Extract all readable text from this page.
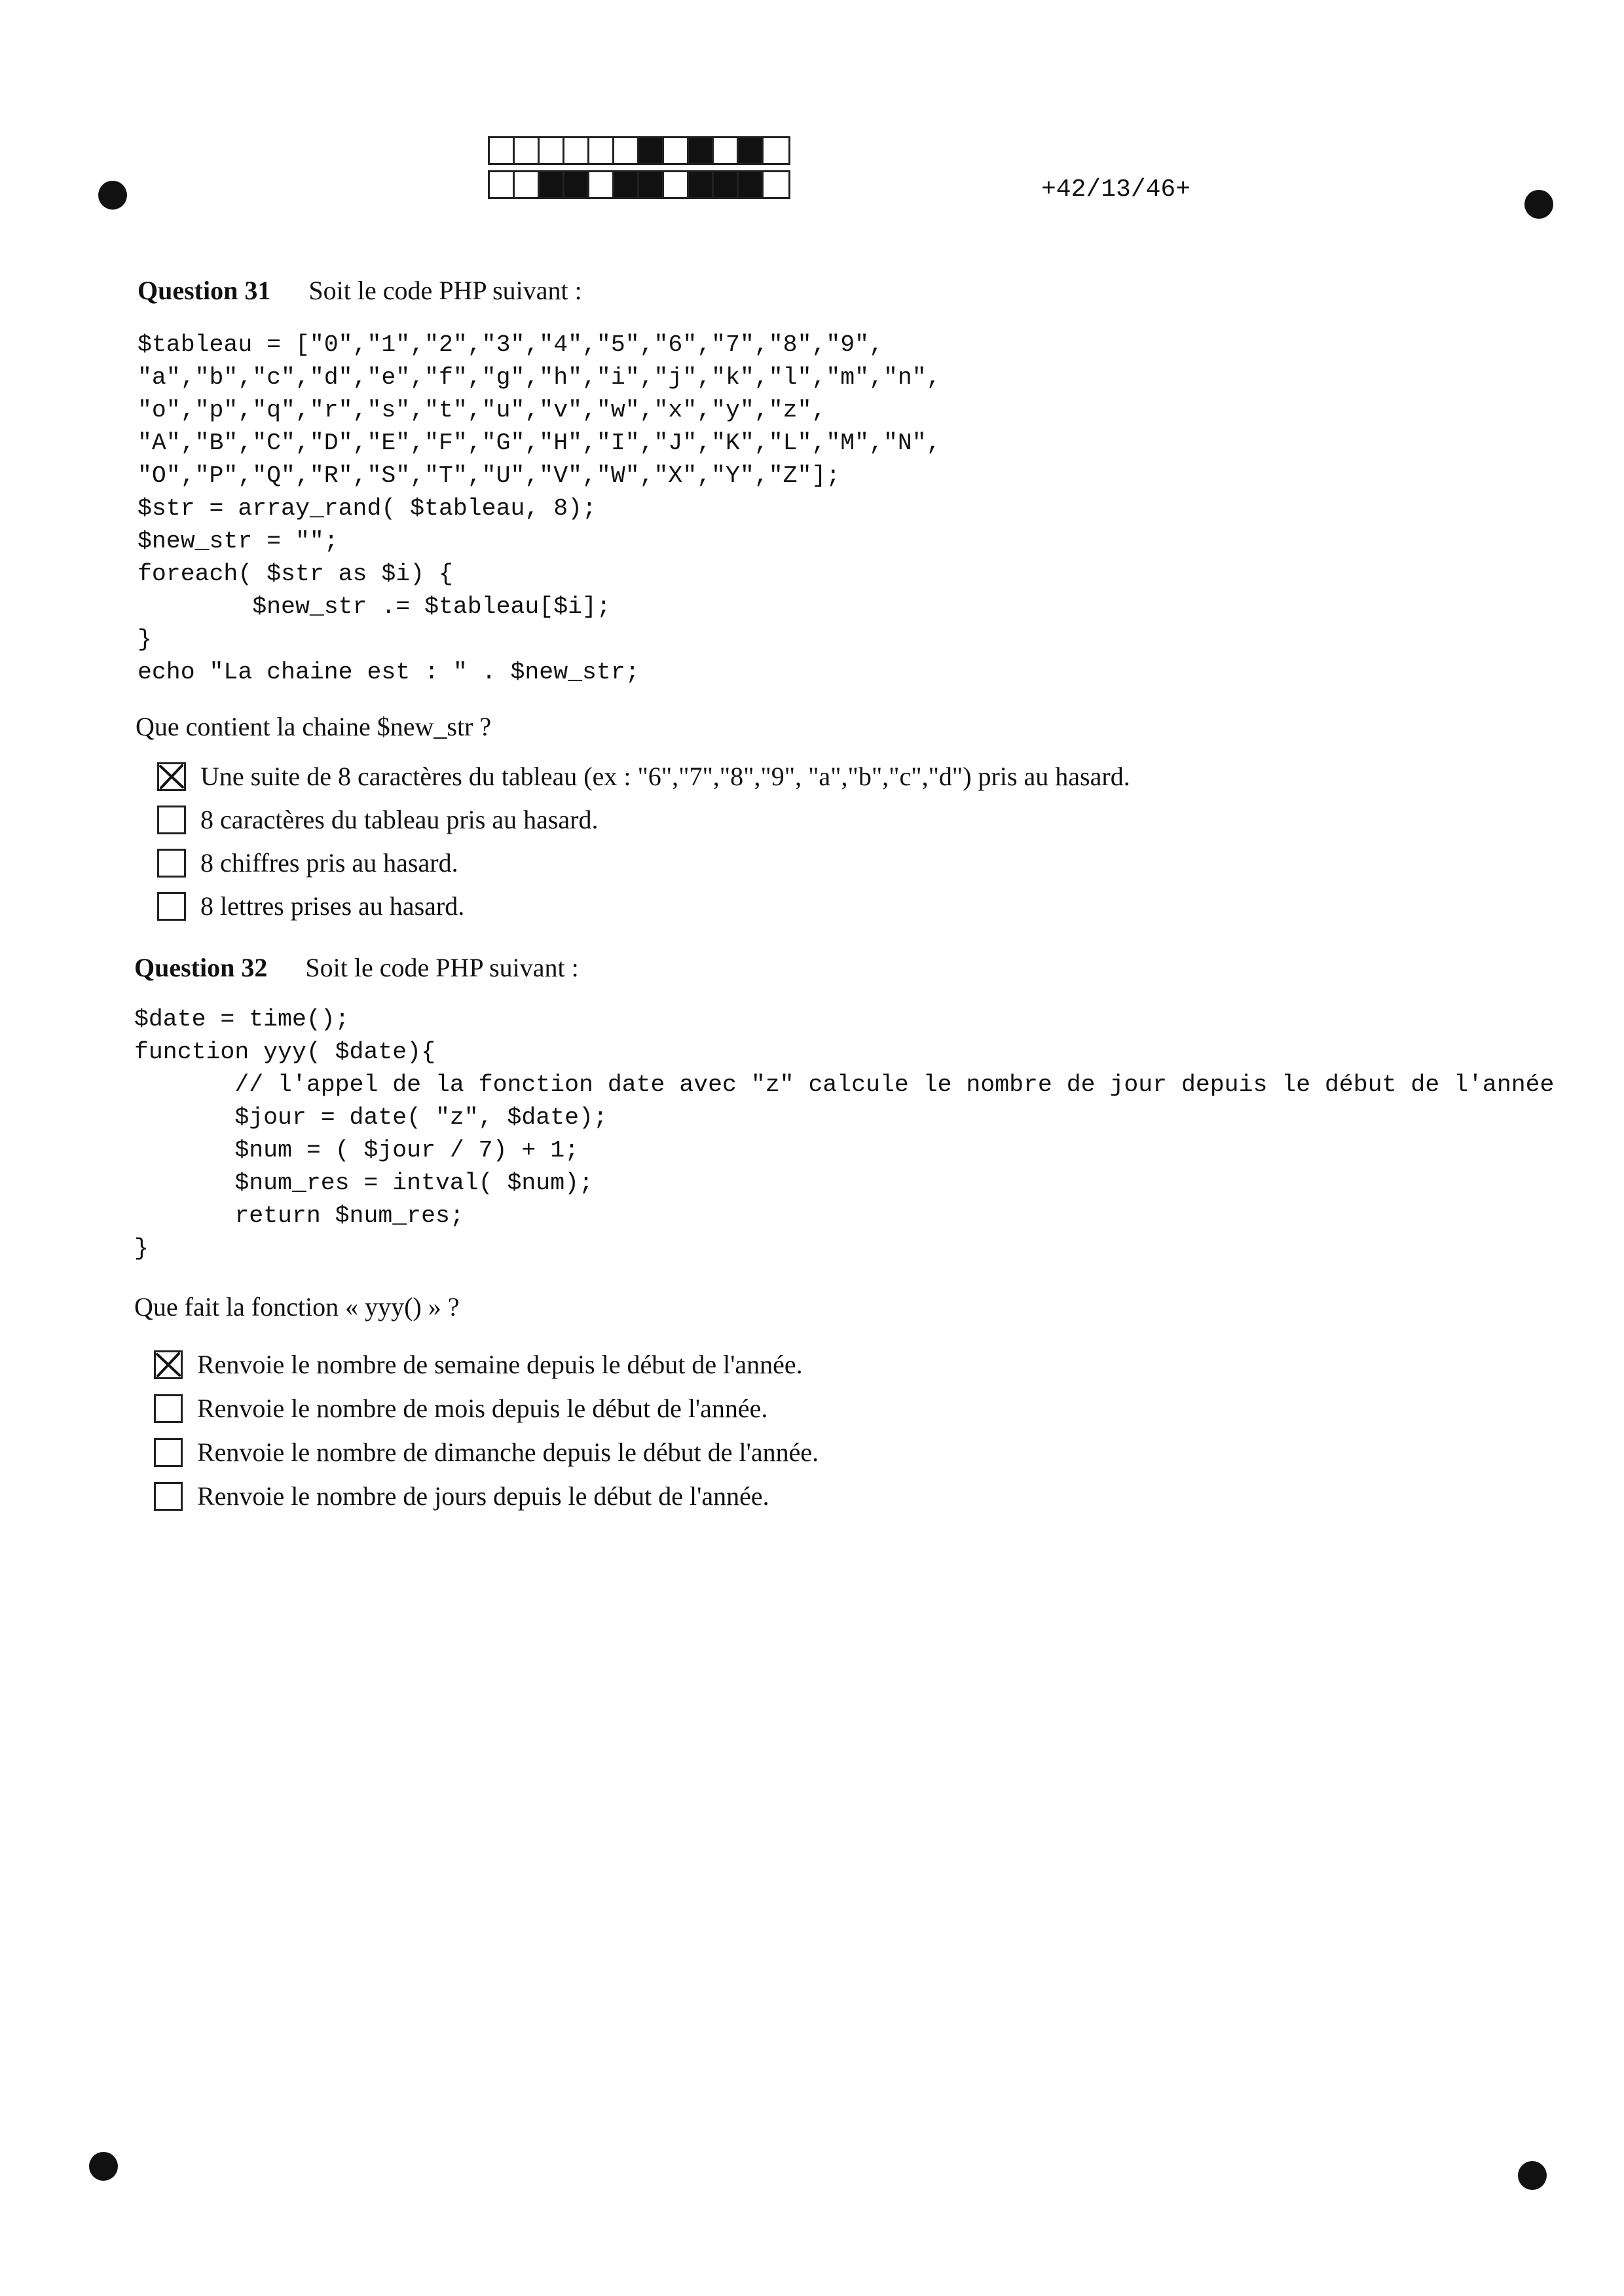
+42/13/46+
Question 31 Soit le code PHP suivant :
$tableau = ["0","1","2","3","4","5","6","7","8","9",
"a","b","c","d","e","f","g","h","i","j","k","l","m","n",
"o","p","q","r","s","t","u","v","w","x","y","z",
"A","B","C","D","E","F","G","H","I","J","K","L","M","N",
"O","P","Q","R","S","T","U","V","W","X","Y","Z"];
$str = array_rand( $tableau, 8);
$new_str = "";
foreach( $str as $i) {
$new_str .= $tableau[$i];
}
echo "La chaine est : " . $new_str;
Que contient la chaine $new_str ?
Une suite de 8 caractères du tableau (ex : "6","7","8","9", "a","b","c","d") pris au hasard.
8 caractères du tableau pris au hasard.
8 chiffres pris au hasard.
8 lettres prises au hasard.
Question 32 Soit le code PHP suivant :
$date = time();
function yyy( $date){
// l'appel de la fonction date avec "z" calcule le nombre de jour depuis le début de l'année
$jour = date( "z", $date);
$num = ( $jour / 7) + 1;
$num_res = intval( $num);
return $num_res;
}
Que fait la fonction « yyy() » ?
Renvoie le nombre de semaine depuis le début de l'année.
Renvoie le nombre de mois depuis le début de l'année.
Renvoie le nombre de dimanche depuis le début de l'année.
Renvoie le nombre de jours depuis le début de l'année.
